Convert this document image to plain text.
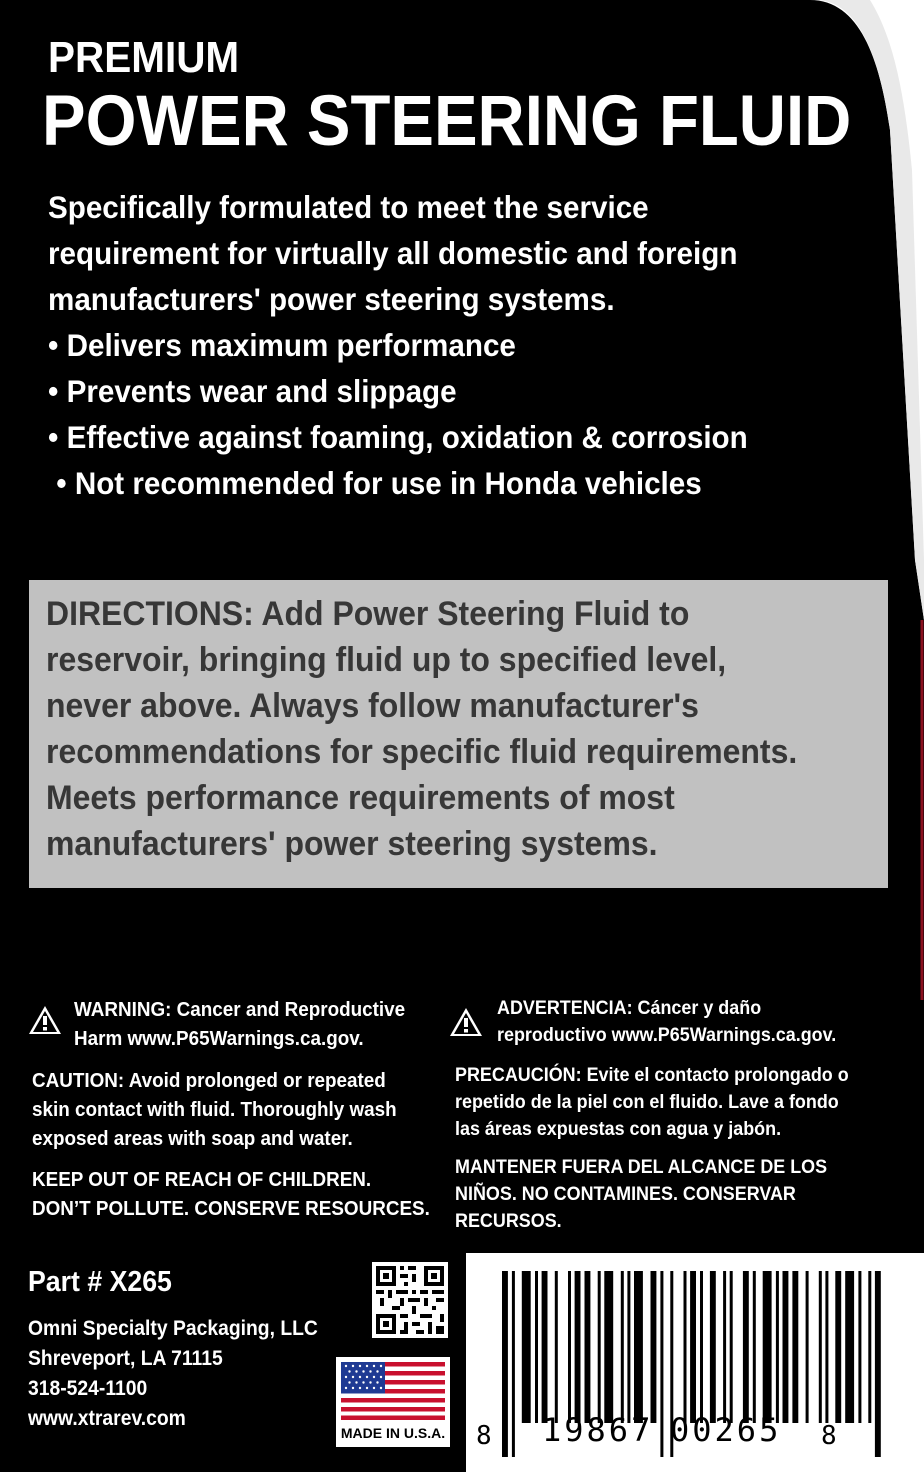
PREMIUM
POWER STEERING FLUID
Specifically formulated to meet the service
requirement for virtually all domestic and foreign
manufacturers' power steering systems.
• Delivers maximum performance
• Prevents wear and slippage
• Effective against foaming, oxidation & corrosion
• Not recommended for use in Honda vehicles
DIRECTIONS: Add Power Steering Fluid to
reservoir, bringing fluid up to specified level,
never above. Always follow manufacturer's
recommendations for specific fluid requirements.
Meets performance requirements of most
manufacturers' power steering systems.
WARNING: Cancer and Reproductive
Harm www.P65Warnings.ca.gov.
CAUTION: Avoid prolonged or repeated
skin contact with fluid. Thoroughly wash
exposed areas with soap and water.
KEEP OUT OF REACH OF CHILDREN.
DON’T POLLUTE. CONSERVE RESOURCES.
ADVERTENCIA: Cáncer y daño
reproductivo www.P65Warnings.ca.gov.
PRECAUCIÓN: Evite el contacto prolongado o
repetido de la piel con el fluido. Lave a fondo
las áreas expuestas con agua y jabón.
MANTENER FUERA DEL ALCANCE DE LOS
NIÑOS. NO CONTAMINES. CONSERVAR
RECURSOS.
Part # X265
Omni Specialty Packaging, LLC
Shreveport, LA 71115
318-524-1100
www.xtrarev.com
MADE IN U.S.A. 8 19867 00265 8
